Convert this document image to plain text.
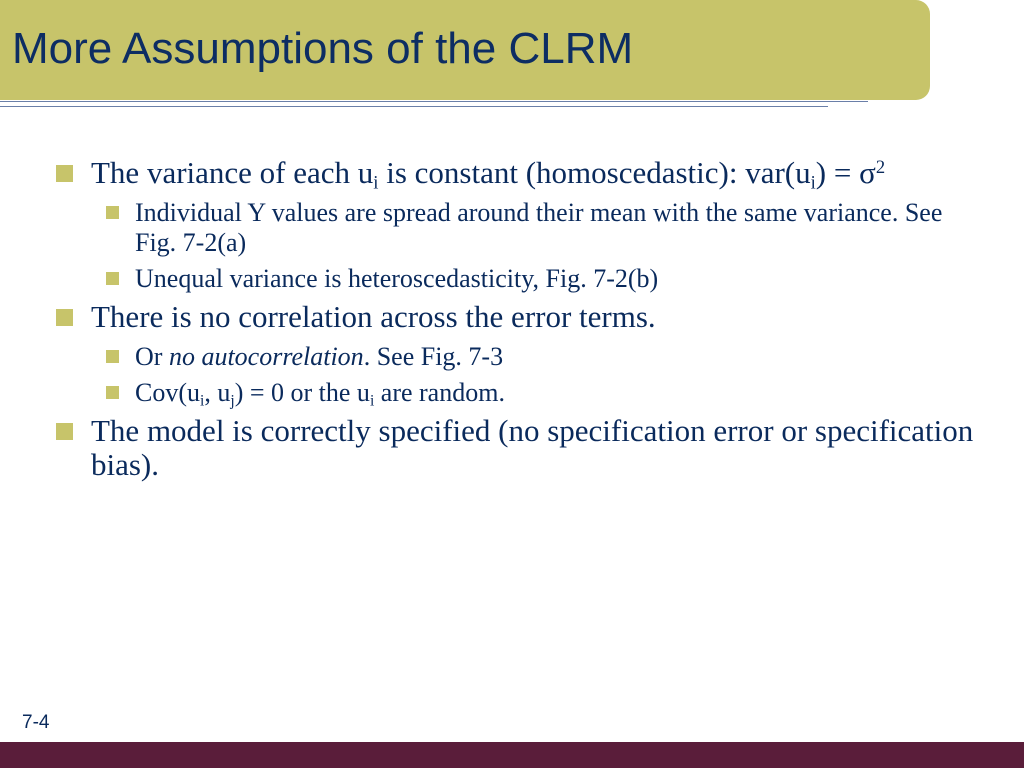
More Assumptions of the CLRM
The variance of each $u_i$ is constant (homoscedastic): $var(u_i) = \sigma^2$
Individual Y values are spread around their mean with the same variance. See Fig. 7-2(a)
Unequal variance is heteroscedasticity, Fig. 7-2(b)
There is no correlation across the error terms.
Or no autocorrelation. See Fig. 7-3
$Cov(u_i$, $u_j) = 0$ or the $u_i$ are random.
The model is correctly specified (no specification error or specification bias).
7-4
